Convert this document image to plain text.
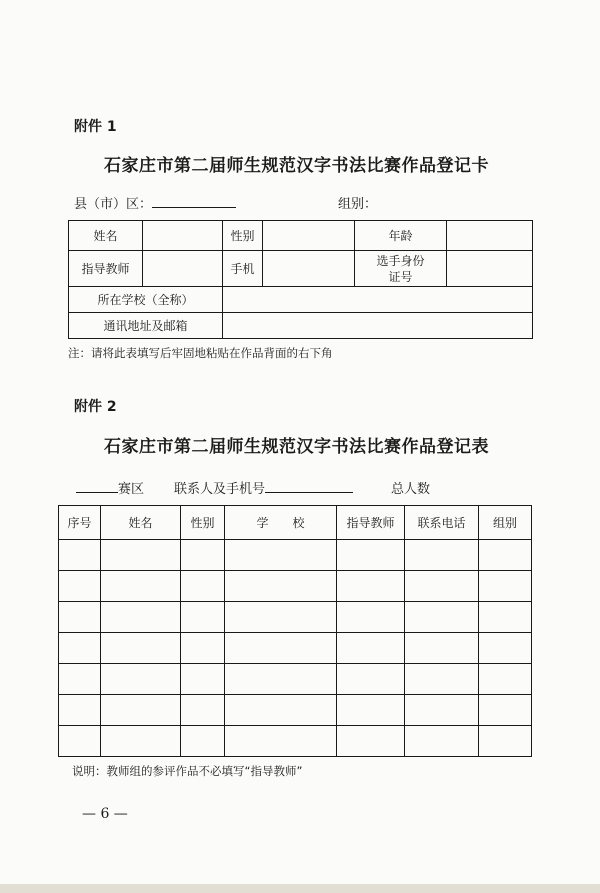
附件 1
石家庄市第二届师生规范汉字书法比赛作品登记卡
县（市）区：	组别：
姓名		性别		年龄	
指导教师		手机		选手身份
证号	

所在学校（全称）					
通讯地址及邮箱					
注：请将此表填写后牢固地粘贴在作品背面的右下角
附件 2
石家庄市第二届师生规范汉字书法比赛作品登记表
赛区 联系人及手机号	总人数
序号	姓名	性别	学　　校	指导教师	联系电话	组别

说明：教师组的参评作品不必填写“指导教师”
— 6 —
